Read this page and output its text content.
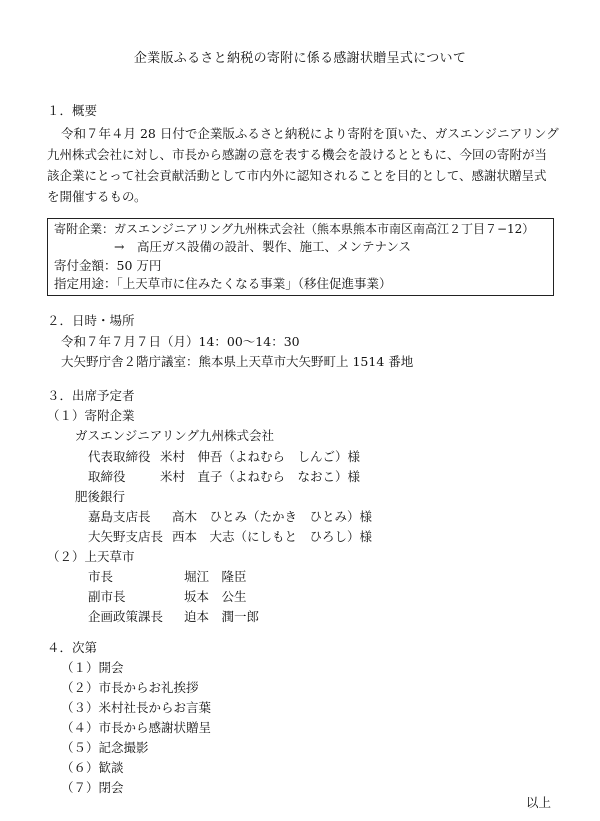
企業版ふるさと納税の寄附に係る感謝状贈呈式について
１．概要
令和７年４月 28 日付で企業版ふるさと納税により寄附を頂いた、ガスエンジニアリング
九州株式会社に対し、市長から感謝の意を表する機会を設けるとともに、今回の寄附が当
該企業にとって社会貢献活動として市内外に認知されることを目的として、感謝状贈呈式
を開催するもの。
寄附企業：ガスエンジニアリング九州株式会社（熊本県熊本市南区南高江２丁目７−12）
→　高圧ガス設備の設計、製作、施工、メンテナンス
寄付金額：50 万円
指定用途：「上天草市に住みたくなる事業」（移住促進事業）
２．日時・場所
令和７年７月７日（月）14：00〜14：30
大矢野庁舎２階庁議室：熊本県上天草市大矢野町上 1514 番地
３．出席予定者
（１）寄附企業
ガスエンジニアリング九州株式会社
代表取締役 米村　伸吾（よねむら　しんご）様
取締役	米村　直子（よねむら　なおこ）様
肥後銀行
嘉島支店長 高木　ひとみ（たかき　ひとみ）様
大矢野支店長 西本　大志（にしもと　ひろし）様
（２）上天草市
市長	堀江　隆臣
副市長	坂本　公生
企画政策課長 迫本　潤一郎
４．次第
（１）開会
（２）市長からお礼挨拶
（３）米村社長からお言葉
（４）市長から感謝状贈呈
（５）記念撮影
（６）歓談
（７）閉会
以上
